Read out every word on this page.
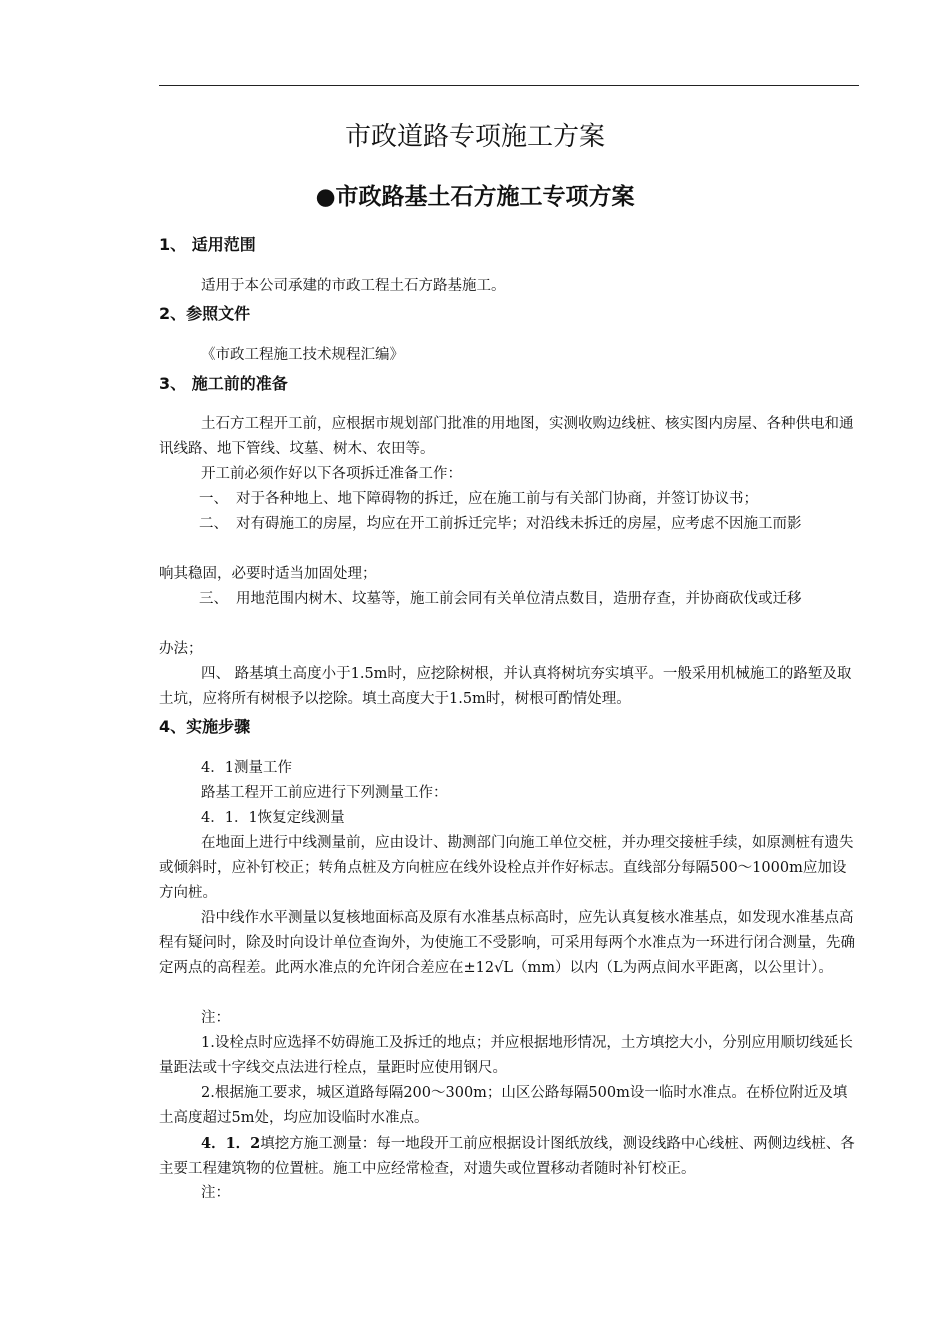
市政道路专项施工方案
●市政路基土石方施工专项方案
1、 适用范围
适用于本公司承建的市政工程土石方路基施工。
2、参照文件
《市政工程施工技术规程汇编》
3、 施工前的准备
土石方工程开工前，应根据市规划部门批准的用地图，实测收购边线桩、核实图内房屋、各种供电和通讯线路、地下管线、坟墓、树木、农田等。
开工前必须作好以下各项拆迁准备工作：
一、 对于各种地上、地下障碍物的拆迁，应在施工前与有关部门协商，并签订协议书；
二、 对有碍施工的房屋，均应在开工前拆迁完毕；对沿线未拆迁的房屋，应考虑不因施工而影
响其稳固，必要时适当加固处理；
三、 用地范围内树木、坟墓等，施工前会同有关单位清点数目，造册存查，并协商砍伐或迁移
办法；
四、 路基填土高度小于1.5m时，应挖除树根，并认真将树坑夯实填平。一般采用机械施工的路堑及取土坑，应将所有树根予以挖除。填土高度大于1.5m时，树根可酌情处理。
4、实施步骤
4．1测量工作
路基工程开工前应进行下列测量工作：
4．1．1恢复定线测量
在地面上进行中线测量前，应由设计、勘测部门向施工单位交桩，并办理交接桩手续，如原测桩有遗失或倾斜时，应补钉校正；转角点桩及方向桩应在线外设栓点并作好标志。直线部分每隔500～1000m应加设方向桩。
沿中线作水平测量以复核地面标高及原有水准基点标高时，应先认真复核水准基点，如发现水准基点高程有疑问时，除及时向设计单位查询外，为使施工不受影响，可采用每两个水准点为一环进行闭合测量，先确定两点的高程差。此两水准点的允许闭合差应在±12√L（mm）以内（L为两点间水平距离，以公里计）。
注：
1.设栓点时应选择不妨碍施工及拆迁的地点；并应根据地形情况，土方填挖大小，分别应用顺切线延长量距法或十字线交点法进行栓点，量距时应使用钢尺。
2.根据施工要求，城区道路每隔200～300m；山区公路每隔500m设一临时水准点。在桥位附近及填土高度超过5m处，均应加设临时水准点。
4．1．2填挖方施工测量：每一地段开工前应根据设计图纸放线，测设线路中心线桩、两侧边线桩、各主要工程建筑物的位置桩。施工中应经常检查，对遗失或位置移动者随时补钉校正。
注：
